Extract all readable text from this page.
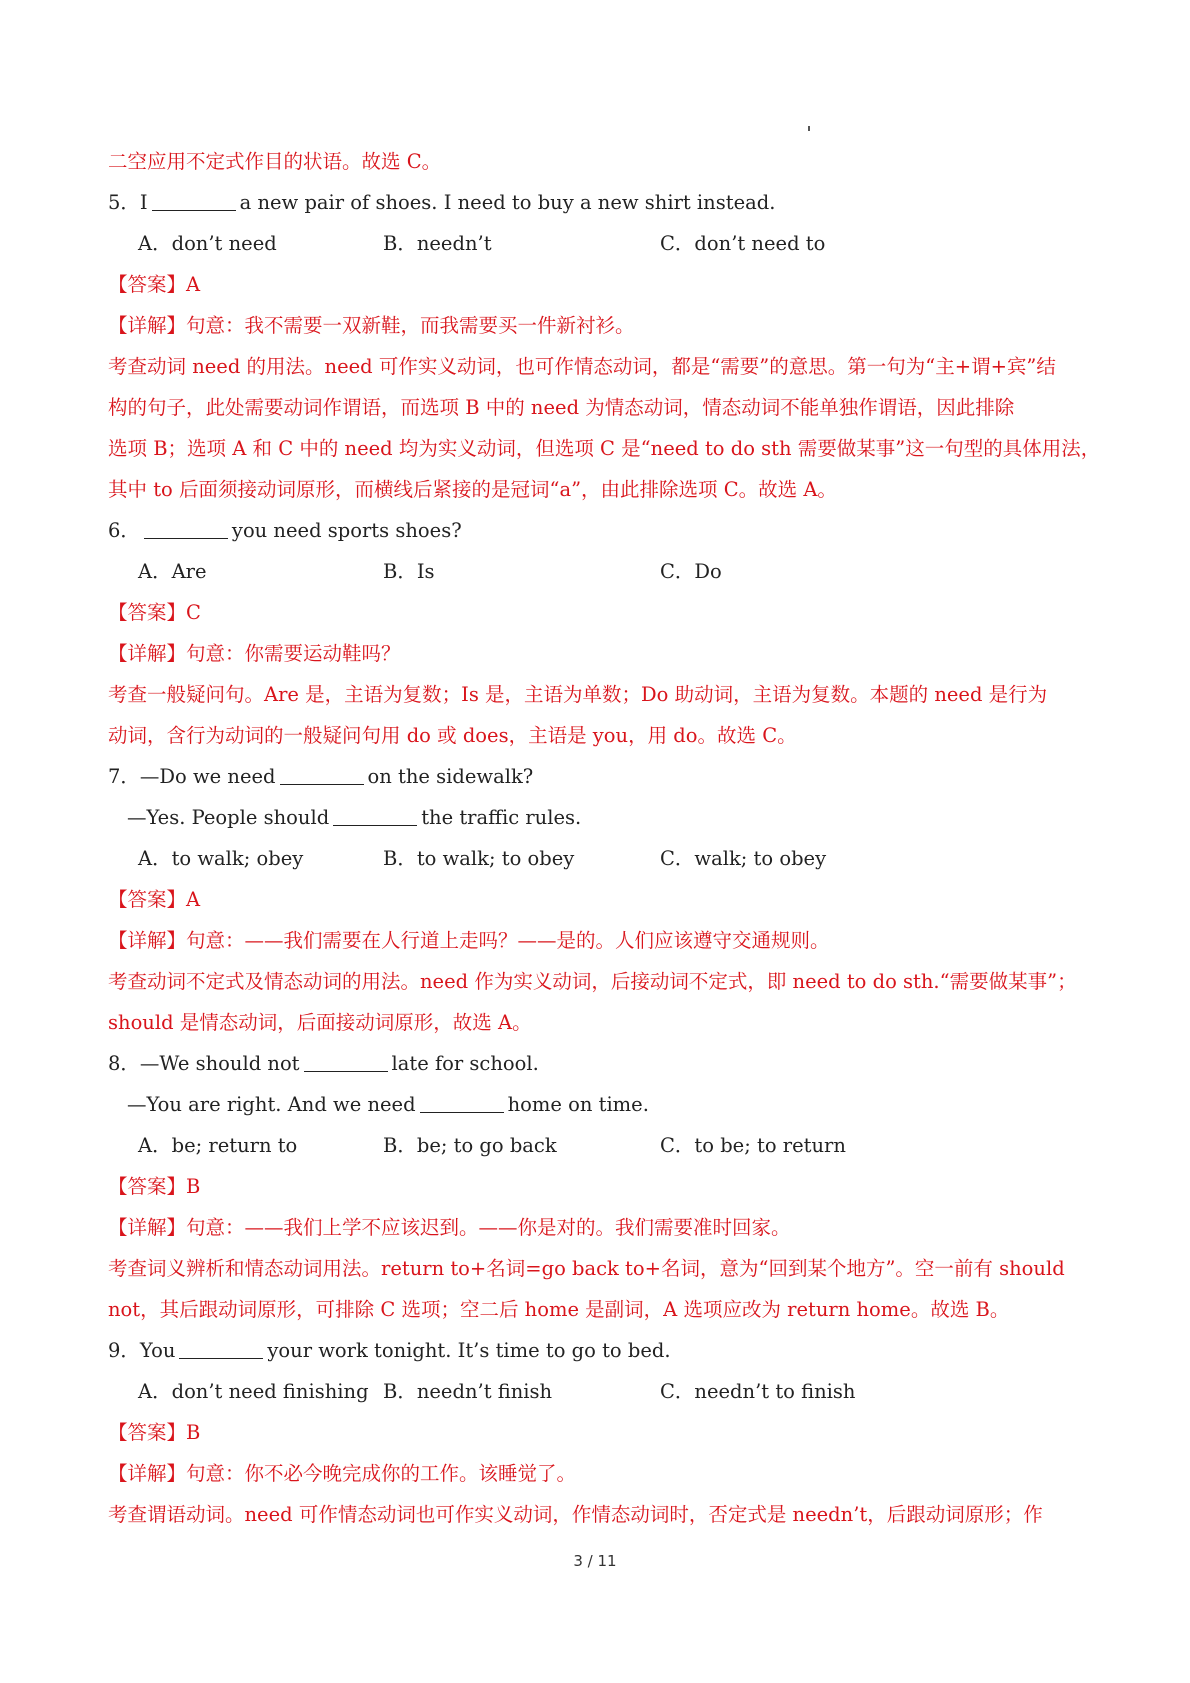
二空应用不定式作目的状语。故选 C。
5．I	a new pair of shoes. I need to buy a new shirt instead.
A．don’t need	B．needn’t	C．don’t need to
【答案】A
【详解】句意：我不需要一双新鞋，而我需要买一件新衬衫。
考查动词 need 的用法。need 可作实义动词，也可作情态动词，都是“需要”的意思。第一句为“主+谓+宾”结
构的句子，此处需要动词作谓语，而选项 B 中的 need 为情态动词，情态动词不能单独作谓语，因此排除
选项 B；选项 A 和 C 中的 need 均为实义动词，但选项 C 是“need to do sth 需要做某事”这一句型的具体用法，
其中 to 后面须接动词原形，而横线后紧接的是冠词“a”，由此排除选项 C。故选 A。
6．	you need sports shoes?
A．Are	B．Is	C．Do
【答案】C
【详解】句意：你需要运动鞋吗？
考查一般疑问句。Are 是，主语为复数；Is 是，主语为单数；Do 助动词，主语为复数。本题的 need 是行为
动词，含行为动词的一般疑问句用 do 或 does，主语是 you，用 do。故选 C。
7．—Do we need	on the sidewalk?
—Yes. People should	the traffic rules.
A．to walk; obey	B．to walk; to obey	C．walk; to obey
【答案】A
【详解】句意：——我们需要在人行道上走吗？——是的。人们应该遵守交通规则。
考查动词不定式及情态动词的用法。need 作为实义动词，后接动词不定式，即 need to do sth.“需要做某事”；
should 是情态动词，后面接动词原形，故选 A。
8．—We should not	late for school.
—You are right. And we need	home on time.
A．be; return to	B．be; to go back	C．to be; to return
【答案】B
【详解】句意：——我们上学不应该迟到。——你是对的。我们需要准时回家。
考查词义辨析和情态动词用法。return to+名词=go back to+名词，意为“回到某个地方”。空一前有 should
not，其后跟动词原形，可排除 C 选项；空二后 home 是副词，A 选项应改为 return home。故选 B。
9．You	your work tonight. It’s time to go to bed.
A．don’t need finishing B．needn’t finish	C．needn’t to finish
【答案】B
【详解】句意：你不必今晚完成你的工作。该睡觉了。
考查谓语动词。need 可作情态动词也可作实义动词，作情态动词时，否定式是 needn’t，后跟动词原形；作
3 / 11
